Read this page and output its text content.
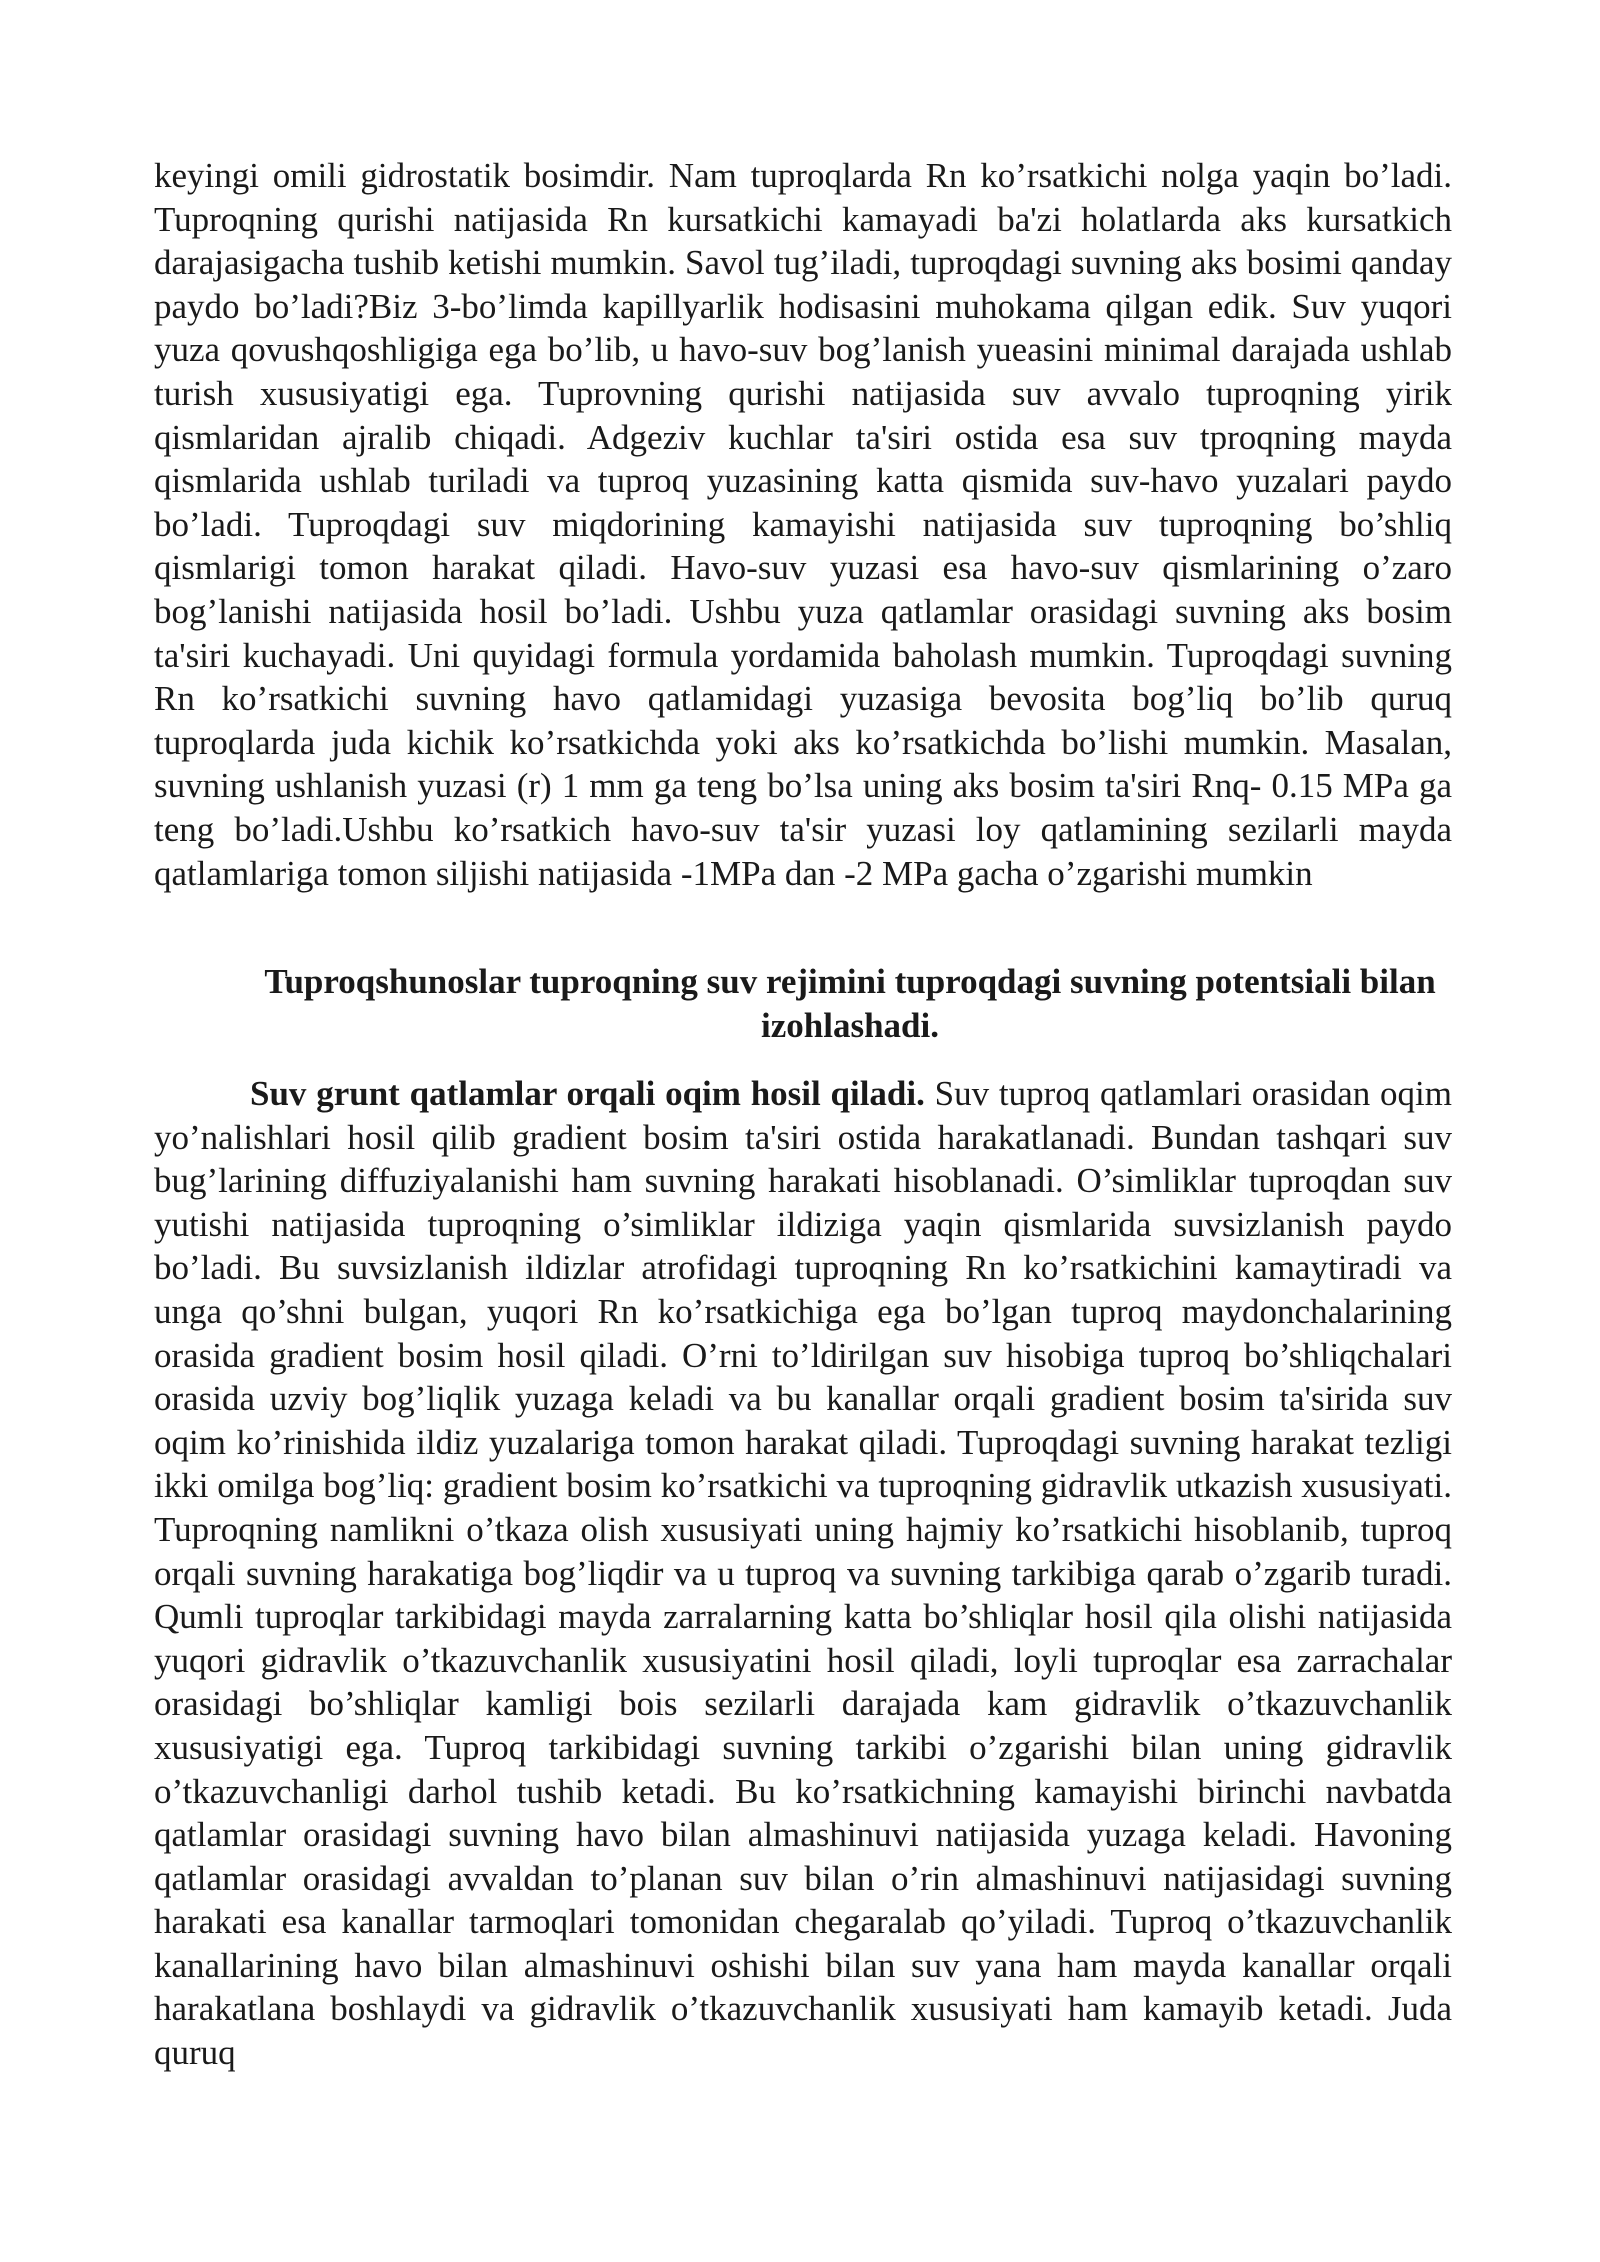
keyingi omili gidrostatik bosimdir. Nam tuproqlarda Rn ko’rsatkichi nolga yaqin bo’ladi. Tuproqning qurishi natijasida Rn kursatkichi kamayadi ba'zi holatlarda aks kursatkich darajasigacha tushib ketishi mumkin. Savol tug’iladi, tuproqdagi suvning aks bosimi qanday paydo bo’ladi?Biz 3-bo’limda kapillyarlik hodisasini muhokama qilgan edik. Suv yuqori yuza qovushqoshligiga ega bo’lib, u havo-suv bog’lanish yueasini minimal darajada ushlab turish xususiyatigi ega. Tuprovning qurishi natijasida suv avvalo tuproqning yirik qismlaridan ajralib chiqadi. Adgeziv kuchlar ta'siri ostida esa suv tproqning mayda qismlarida ushlab turiladi va tuproq yuzasining katta qismida suv-havo yuzalari paydo bo’ladi. Tuproqdagi suv miqdorining kamayishi natijasida suv tuproqning bo’shliq qismlarigi tomon harakat qiladi. Havo-suv yuzasi esa havo-suv qismlarining o’zaro bog’lanishi natijasida hosil bo’ladi. Ushbu yuza qatlamlar orasidagi suvning aks bosim ta'siri kuchayadi. Uni quyidagi formula yordamida baholash mumkin. Tuproqdagi suvning Rn ko’rsatkichi suvning havo qatlamidagi yuzasiga bevosita bog’liq bo’lib quruq tuproqlarda juda kichik ko’rsatkichda yoki aks ko’rsatkichda bo’lishi mumkin. Masalan, suvning ushlanish yuzasi (r) 1 mm ga teng bo’lsa uning aks bosim ta'siri Rnq- 0.15 MPa ga teng bo’ladi.Ushbu ko’rsatkich havo-suv ta'sir yuzasi loy qatlamining sezilarli mayda qatlamlariga tomon siljishi natijasida -1MPa dan -2 MPa gacha o’zgarishi mumkin

Tuproqshunoslar tuproqning suv rejimini tuproqdagi suvning potentsiali bilan izohlashadi.

Suv grunt qatlamlar orqali oqim hosil qiladi. Suv tuproq qatlamlari orasidan oqim yo’nalishlari hosil qilib gradient bosim ta'siri ostida harakatlanadi. Bundan tashqari suv bug’larining diffuziyalanishi ham suvning harakati hisoblanadi. O’simliklar tuproqdan suv yutishi natijasida tuproqning o’simliklar ildiziga yaqin qismlarida suvsizlanish paydo bo’ladi. Bu suvsizlanish ildizlar atrofidagi tuproqning Rn ko’rsatkichini kamaytiradi va unga qo’shni bulgan, yuqori Rn ko’rsatkichiga ega bo’lgan tuproq maydonchalarining orasida gradient bosim hosil qiladi. O’rni to’ldirilgan suv hisobiga tuproq bo’shliqchalari orasida uzviy bog’liqlik yuzaga keladi va bu kanallar orqali gradient bosim ta'sirida suv oqim ko’rinishida ildiz yuzalariga tomon harakat qiladi. Tuproqdagi suvning harakat tezligi ikki omilga bog’liq: gradient bosim ko’rsatkichi va tuproqning gidravlik utkazish xususiyati. Tuproqning namlikni o’tkaza olish xususiyati uning hajmiy ko’rsatkichi hisoblanib, tuproq orqali suvning harakatiga bog’liqdir va u tuproq va suvning tarkibiga qarab o’zgarib turadi. Qumli tuproqlar tarkibidagi mayda zarralarning katta bo’shliqlar hosil qila olishi natijasida yuqori gidravlik o’tkazuvchanlik xususiyatini hosil qiladi, loyli tuproqlar esa zarrachalar orasidagi bo’shliqlar kamligi bois sezilarli darajada kam gidravlik o’tkazuvchanlik xususiyatigi ega. Tuproq tarkibidagi suvning tarkibi o’zgarishi bilan uning gidravlik o’tkazuvchanligi darhol tushib ketadi. Bu ko’rsatkichning kamayishi birinchi navbatda qatlamlar orasidagi suvning havo bilan almashinuvi natijasida yuzaga keladi. Havoning qatlamlar orasidagi avvaldan to’planan suv bilan o’rin almashinuvi natijasidagi suvning harakati esa kanallar tarmoqlari tomonidan chegaralab qo’yiladi. Tuproq o’tkazuvchanlik kanallarining havo bilan almashinuvi oshishi bilan suv yana ham mayda kanallar orqali harakatlana boshlaydi va gidravlik o’tkazuvchanlik xususiyati ham kamayib ketadi. Juda quruq
